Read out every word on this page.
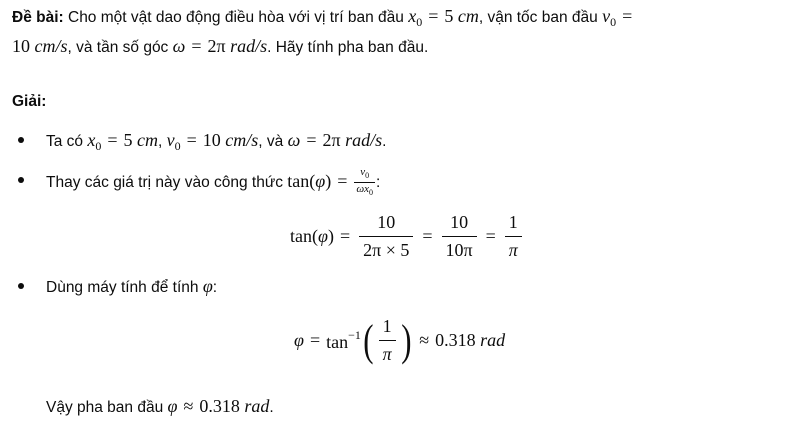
Đề bài: Cho một vật dao động điều hòa với vị trí ban đầu $x_0 = 5$ cm, vận tốc ban đầu $v_0$ =
10 cm/s, và tần số góc ω = 2π rad/s. Hãy tính pha ban đầu.
Giải:
Ta có $x_0 = 5$ cm, $v_0 = 10$ cm/s, và ω = 2π rad/s.
Thay các giá trị này vào công thức $\tan(\varphi) = \frac{v_0}{\omega x_0}$ :
$\tan(\varphi) = \frac{10}{2\pi \times 5} = \frac{10}{10\pi} = \frac{1}{\pi}$
Dùng máy tính để tính φ:
$\varphi = \tan^{-1}( \frac{1}{\pi}$ ) ≈ 0.318 rad
Vậy pha ban đầu φ ≈ 0.318 rad.
